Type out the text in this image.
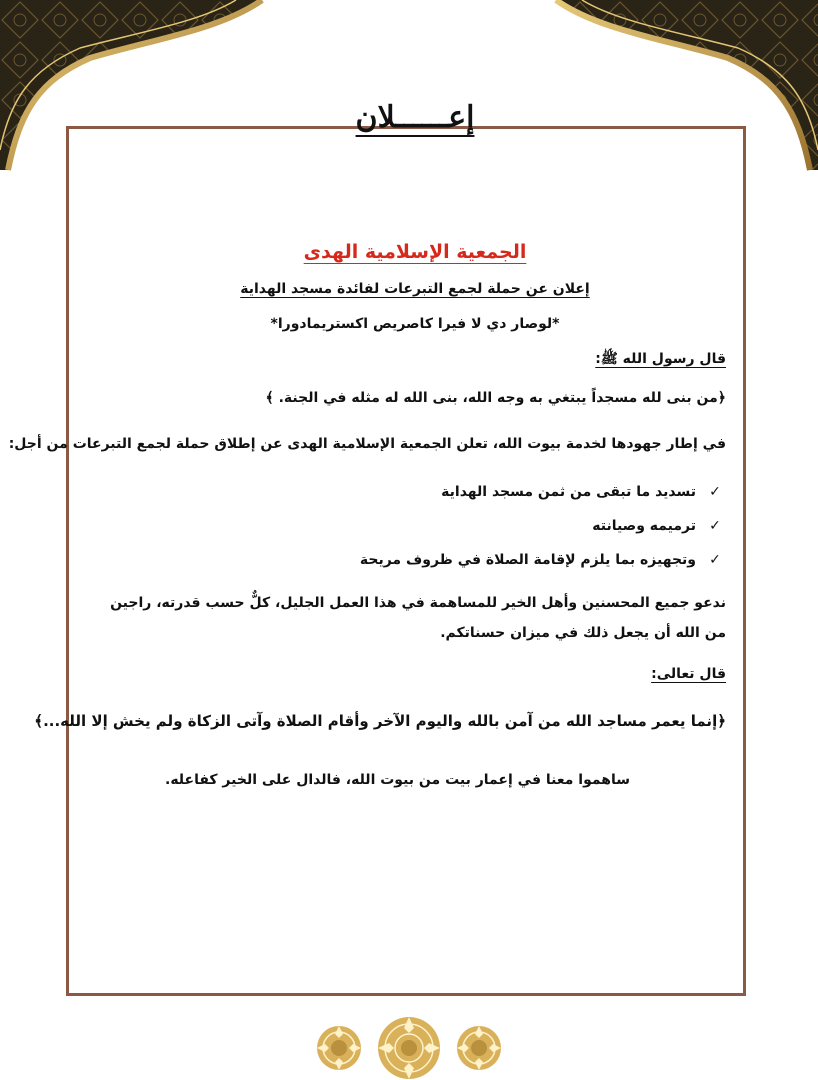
إعــــــلان
الجمعية الإسلامية الهدى
إعلان عن حملة لجمع التبرعات لفائدة مسجد الهداية
*لوصار دي لا فيرا كاصريص اكستريمادورا*
قال رسول الله ﷺ:
﴿من بنى لله مسجداً يبتغي به وجه الله، بنى الله له مثله في الجنة. ﴾
في إطار جهودها لخدمة بيوت الله، تعلن الجمعية الإسلامية الهدى عن إطلاق حملة لجمع التبرعات من أجل:
✓تسديد ما تبقى من ثمن مسجد الهداية
✓ترميمه وصيانته
✓وتجهيزه بما يلزم لإقامة الصلاة في ظروف مريحة
ندعو جميع المحسنين وأهل الخير للمساهمة في هذا العمل الجليل، كلٌّ حسب قدرته، راجين من الله أن يجعل ذلك في ميزان حسناتكم.
قال تعالى:
﴿إنما يعمر مساجد الله من آمن بالله واليوم الآخر وأقام الصلاة وآتى الزكاة ولم يخش إلا الله...﴾
ساهموا معنا في إعمار بيت من بيوت الله، فالدال على الخير كفاعله.
